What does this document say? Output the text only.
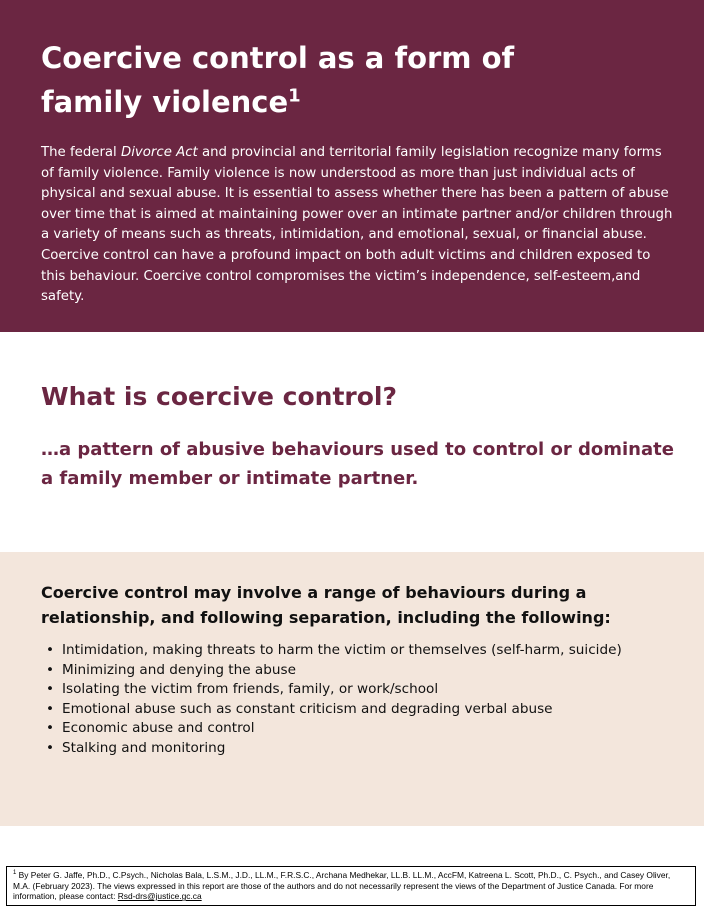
Coercive control as a form of
family violence$^1$

The federal Divorce Act and provincial and territorial family legislation recognize many forms of family violence. Family violence is now understood as more than just individual acts of physical and sexual abuse. It is essential to assess whether there has been a pattern of abuse over time that is aimed at maintaining power over an intimate partner and/or children through a variety of means such as threats, intimidation, and emotional, sexual, or financial abuse. Coercive control can have a profound impact on both adult victims and children exposed to this behaviour. Coercive control compromises the victim’s independence, self-esteem,and safety.

What is coercive control?

…a pattern of abusive behaviours used to control or dominate a family member or intimate partner.

Coercive control may involve a range of behaviours during a relationship, and following separation, including the following:
• Intimidation, making threats to harm the victim or themselves (self-harm, suicide)
• Minimizing and denying the abuse
• Isolating the victim from friends, family, or work/school
• Emotional abuse such as constant criticism and degrading verbal abuse
• Economic abuse and control
• Stalking and monitoring
$^1$ By Peter G. Jaffe, Ph.D., C.Psych., Nicholas Bala, L.S.M., J.D., LL.M., F.R.S.C., Archana Medhekar, LL.B. LL.M., AccFM, Katreena L. Scott, Ph.D., C. Psych., and Casey Oliver, M.A. (February 2023). The views expressed in this report are those of the authors and do not necessarily represent the views of the Department of Justice Canada. For more information, please contact: Rsd-drs@justice.gc.ca
